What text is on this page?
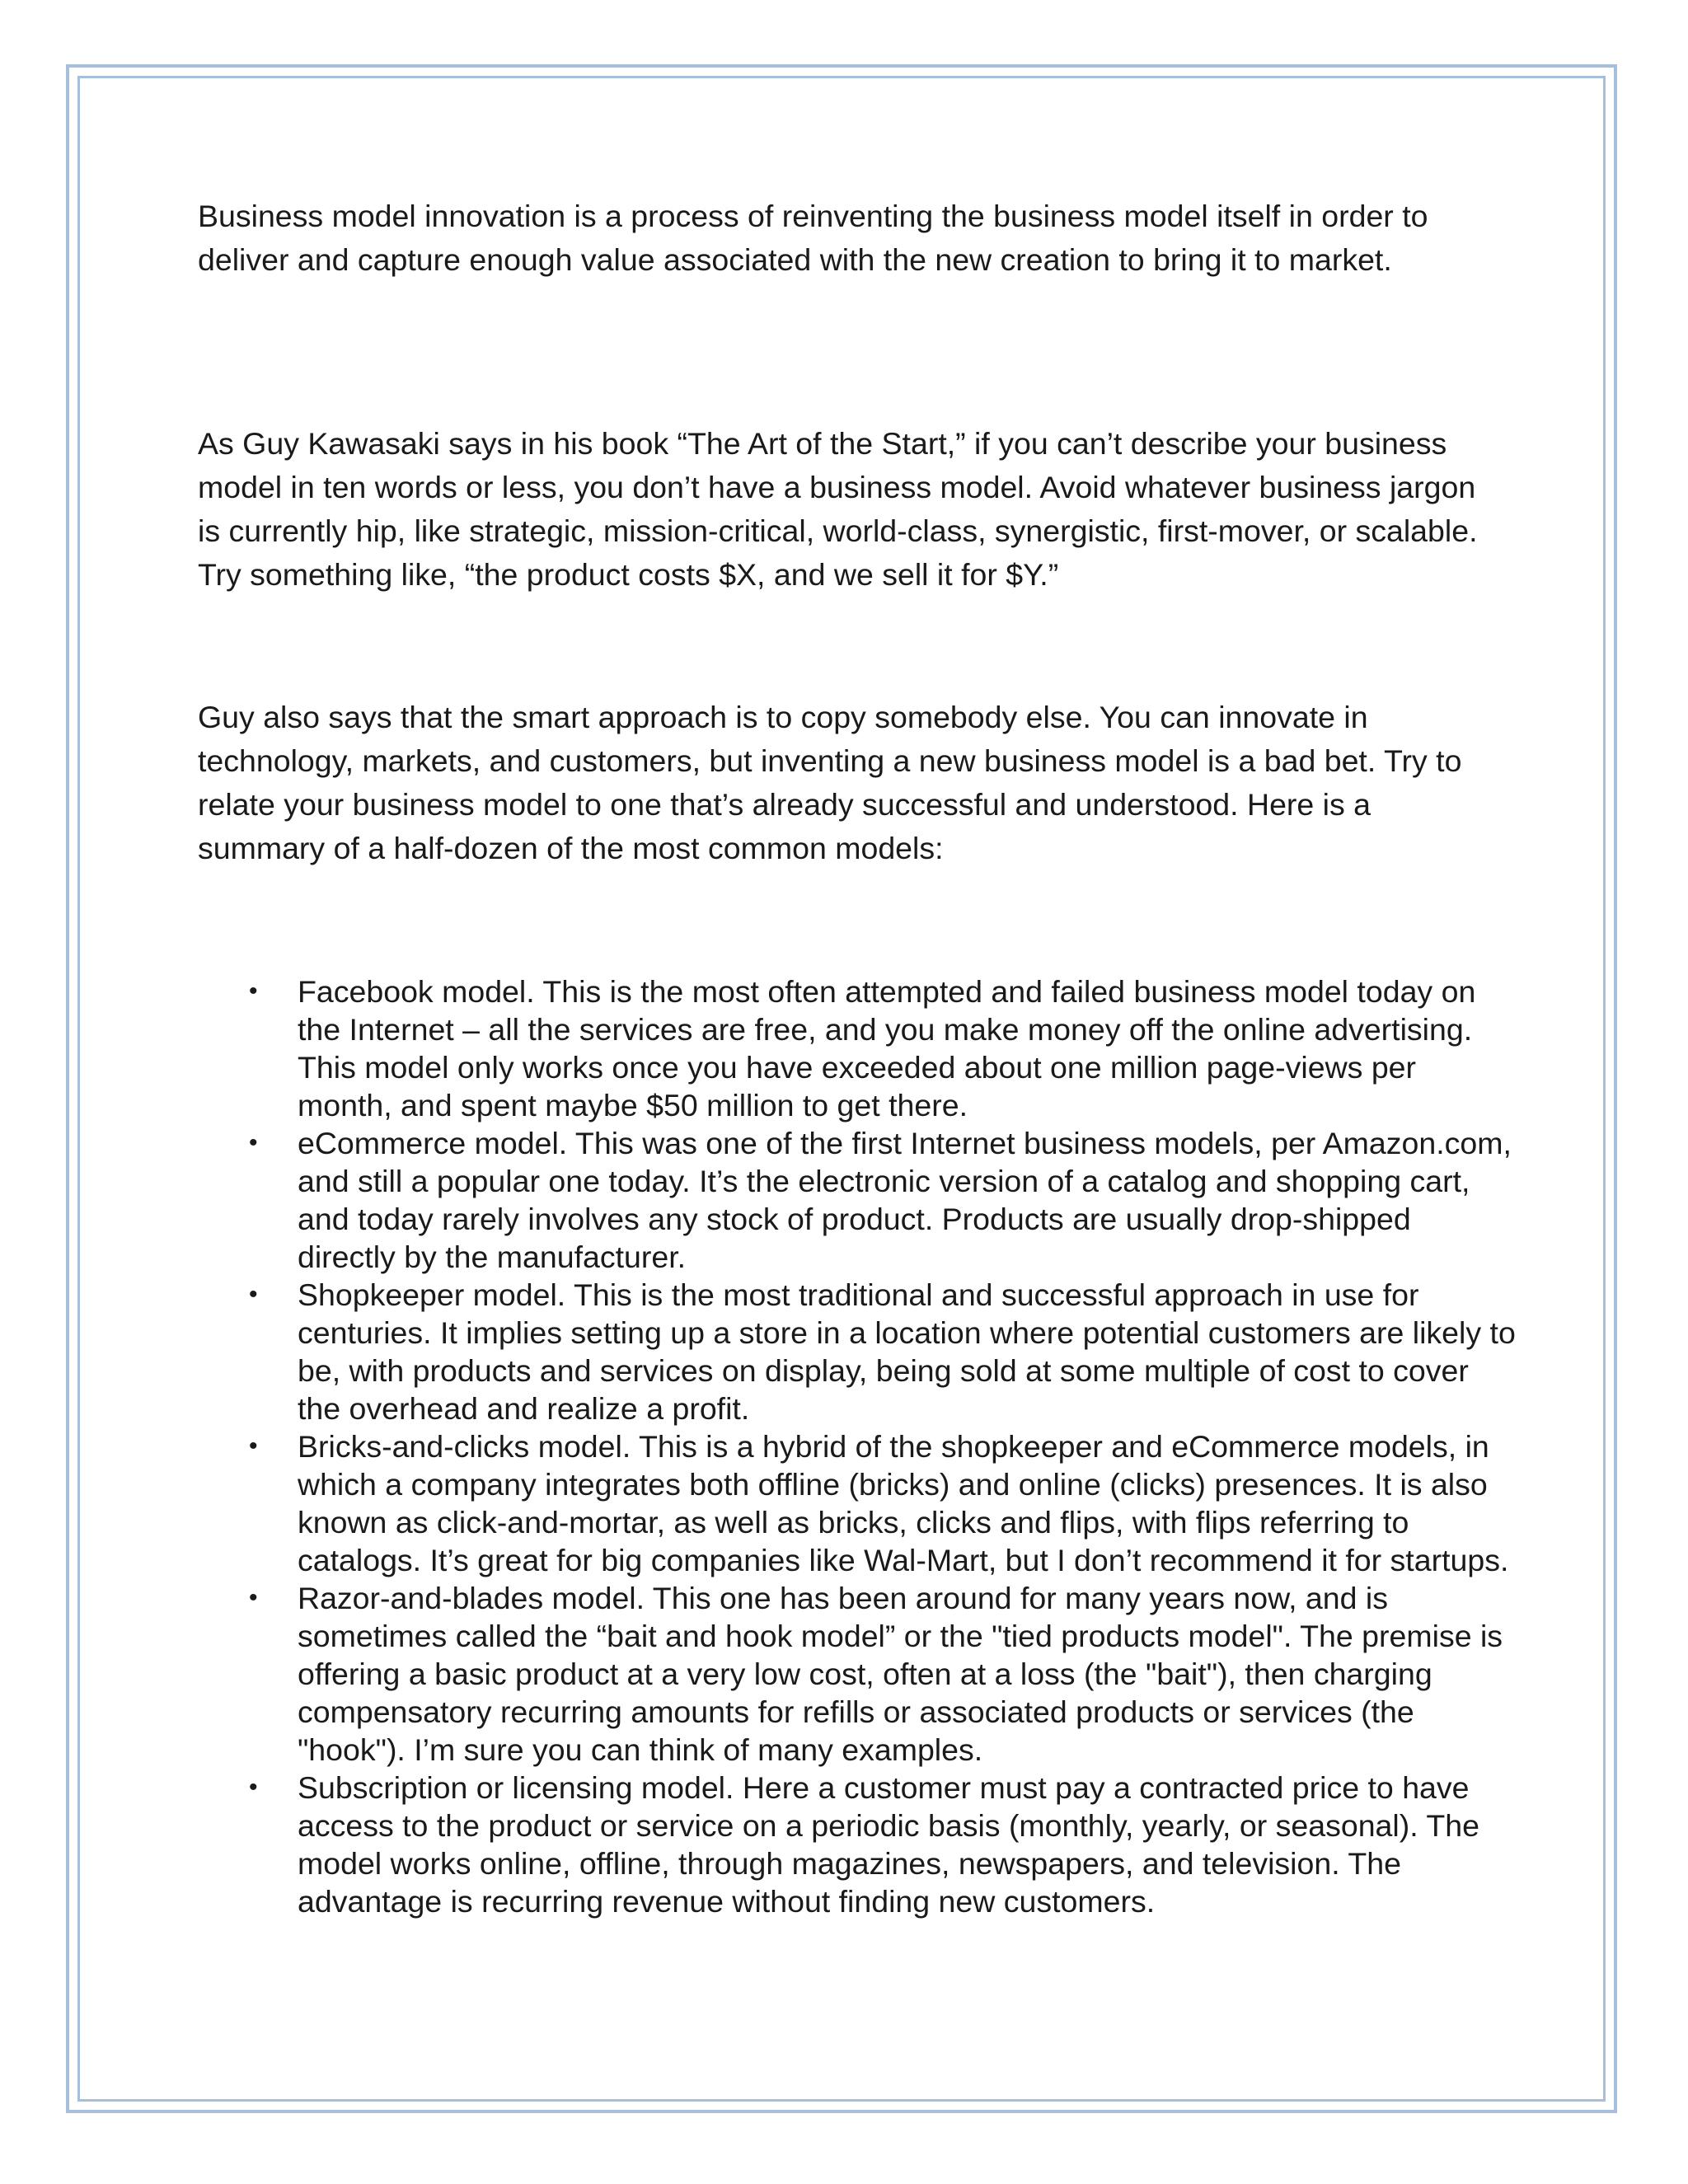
Business model innovation is a process of reinventing the business model itself in order to deliver and capture enough value associated with the new creation to bring it to market.

As Guy Kawasaki says in his book “The Art of the Start,” if you can’t describe your business model in ten words or less, you don’t have a business model. Avoid whatever business jargon is currently hip, like strategic, mission-critical, world-class, synergistic, first-mover, or scalable. Try something like, “the product costs $X, and we sell it for $Y.”

Guy also says that the smart approach is to copy somebody else. You can innovate in technology, markets, and customers, but inventing a new business model is a bad bet. Try to relate your business model to one that’s already successful and understood. Here is a summary of a half-dozen of the most common models:

• Facebook model. This is the most often attempted and failed business model today on the Internet – all the services are free, and you make money off the online advertising. This model only works once you have exceeded about one million page-views per month, and spent maybe $50 million to get there.
• eCommerce model. This was one of the first Internet business models, per Amazon.com, and still a popular one today. It’s the electronic version of a catalog and shopping cart, and today rarely involves any stock of product. Products are usually drop-shipped directly by the manufacturer.
• Shopkeeper model. This is the most traditional and successful approach in use for centuries. It implies setting up a store in a location where potential customers are likely to be, with products and services on display, being sold at some multiple of cost to cover the overhead and realize a profit.
• Bricks-and-clicks model. This is a hybrid of the shopkeeper and eCommerce models, in which a company integrates both offline (bricks) and online (clicks) presences. It is also known as click-and-mortar, as well as bricks, clicks and flips, with flips referring to catalogs. It’s great for big companies like Wal-Mart, but I don’t recommend it for startups.
• Razor-and-blades model. This one has been around for many years now, and is sometimes called the “bait and hook model” or the "tied products model". The premise is offering a basic product at a very low cost, often at a loss (the "bait"), then charging compensatory recurring amounts for refills or associated products or services (the "hook"). I’m sure you can think of many examples.
• Subscription or licensing model. Here a customer must pay a contracted price to have access to the product or service on a periodic basis (monthly, yearly, or seasonal). The model works online, offline, through magazines, newspapers, and television. The advantage is recurring revenue without finding new customers.
